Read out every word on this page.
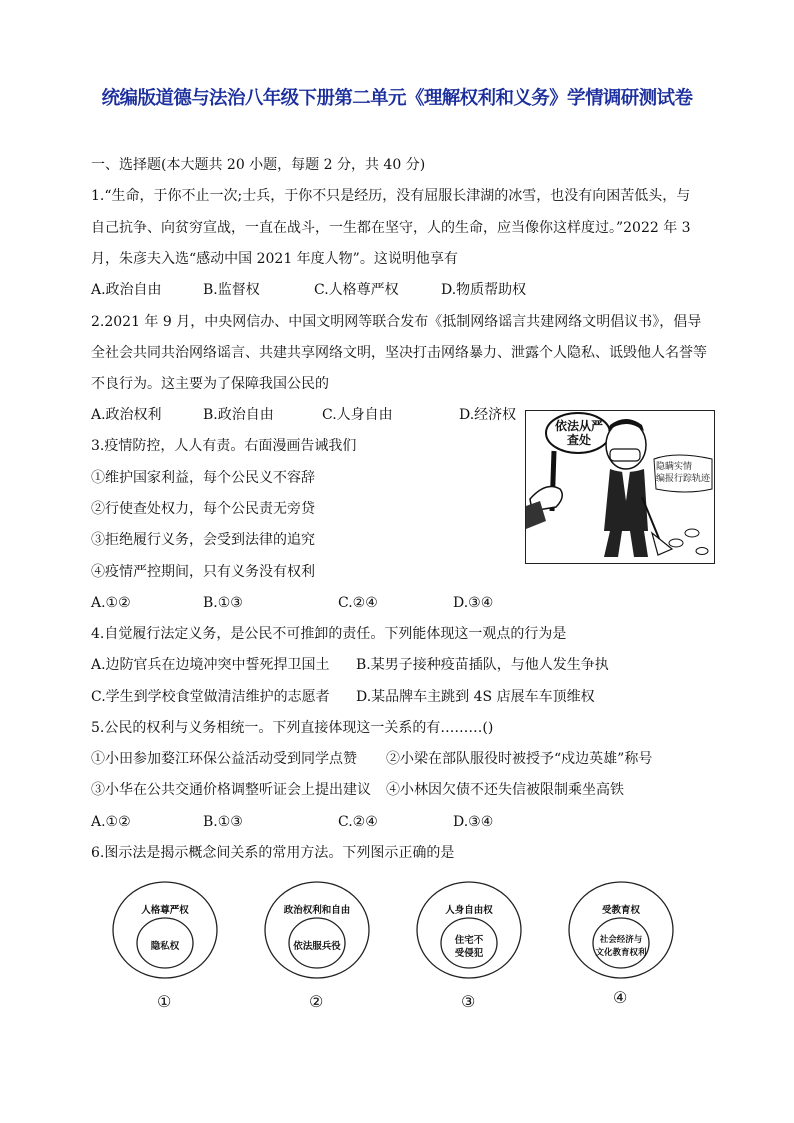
统编版道德与法治八年级下册第二单元《理解权利和义务》学情调研测试卷
一、选择题(本大题共 20 小题，每题 2 分，共 40 分)
1.“生命，于你不止一次;士兵，于你不只是经历，没有屈服长津湖的冰雪，也没有向困苦低头，与
自己抗争、向贫穷宣战，一直在战斗，一生都在坚守，人的生命，应当像你这样度过。”2022 年 3
月，朱彦夫入选“感动中国 2021 年度人物”。这说明他享有
A.政治自由	B.监督权	C.人格尊严权	D.物质帮助权
2.2021 年 9 月，中央网信办、中国文明网等联合发布《抵制网络谣言共建网络文明倡议书》，倡导
全社会共同共治网络谣言、共建共享网络文明，坚决打击网络暴力、泄露个人隐私、诋毁他人名誉等
不良行为。这主要为了保障我国公民的
A.政治权利	B.政治自由	C.人身自由	D.经济权
3.疫情防控，人人有责。右面漫画告诫我们
①维护国家利益，每个公民义不容辞
②行使查处权力，每个公民责无旁贷
③拒绝履行义务，会受到法律的追究
④疫情严控期间，只有义务没有权利
A.①②	B.①③	C.②④	D.③④
依法从严
查处
隐瞒实情
编报行踪轨迹
4.自觉履行法定义务，是公民不可推卸的责任。下列能体现这一观点的行为是
A.边防官兵在边境冲突中誓死捍卫国土 B.某男子接种疫苗插队，与他人发生争执
C.学生到学校食堂做清洁维护的志愿者 D.某品牌车主跳到 4S 店展车车顶维权
5.公民的权利与义务相统一。下列直接体现这一关系的有………()
①小田参加婺江环保公益活动受到同学点赞 ②小梁在部队服役时被授予“戍边英雄”称号
③小华在公共交通价格调整听证会上提出建议 ④小林因欠债不还失信被限制乘坐高铁
A.①②	B.①③	C.②④	D.③④
6.图示法是揭示概念间关系的常用方法。下列图示正确的是
人格尊严权
隐私权
①
政治权利和自由
依法服兵役
②
人身自由权
住宅不
受侵犯
③
受教育权
社会经济与
文化教育权利
④
